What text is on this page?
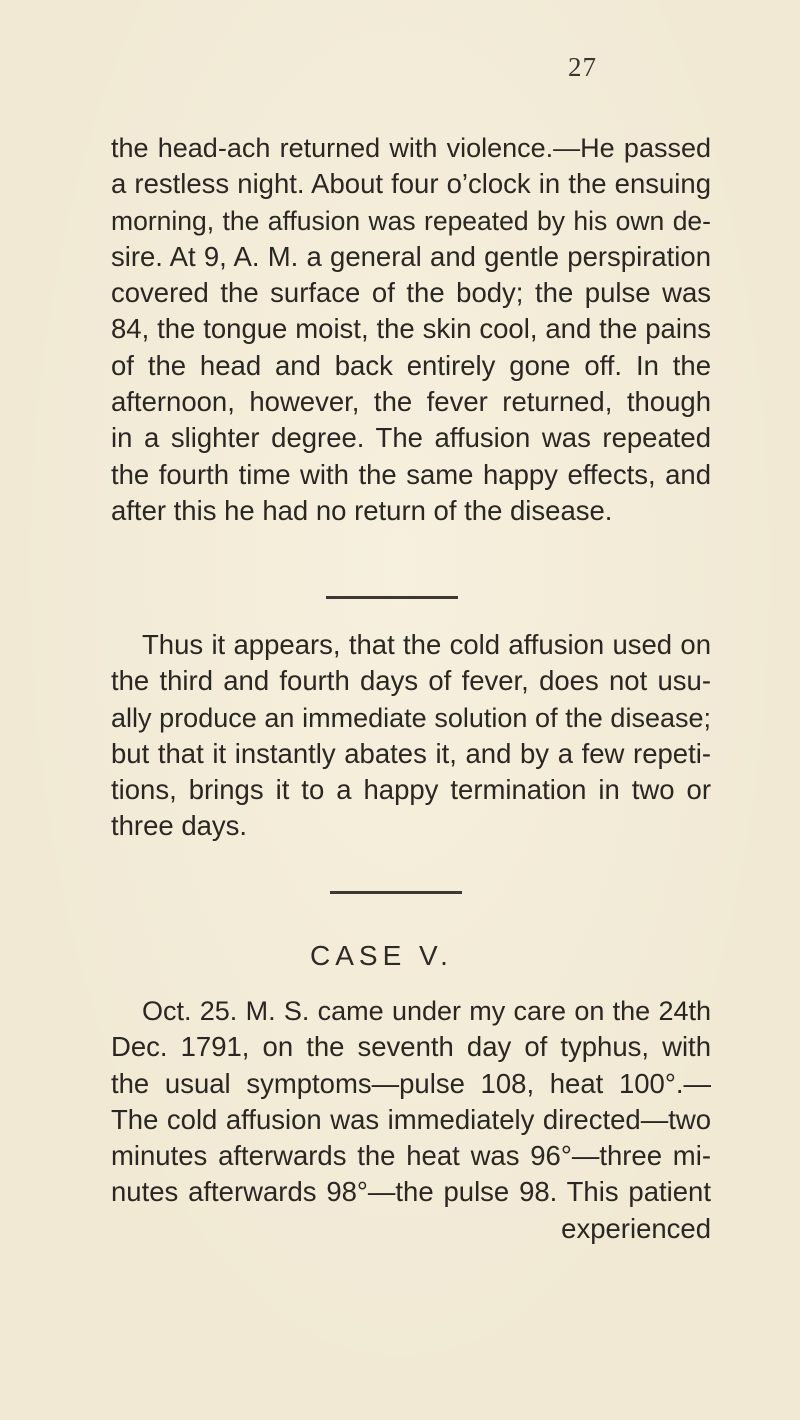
27
the head-ach returned with violence.—He passed
a restless night. About four o’clock in the ensuing
morning, the affusion was repeated by his own de-
sire. At 9, A. M. a general and gentle perspiration
covered the surface of the body; the pulse was
84, the tongue moist, the skin cool, and the pains
of the head and back entirely gone off. In the
afternoon, however, the fever returned, though
in a slighter degree. The affusion was repeated
the fourth time with the same happy effects, and
after this he had no return of the disease.
Thus it appears, that the cold affusion used on
the third and fourth days of fever, does not usu-
ally produce an immediate solution of the disease;
but that it instantly abates it, and by a few repeti-
tions, brings it to a happy termination in two or
three days.
CASE V.
Oct. 25. M. S. came under my care on the 24th
Dec. 1791, on the seventh day of typhus, with
the usual symptoms—pulse 108, heat 100°.—
The cold affusion was immediately directed—two
minutes afterwards the heat was 96°—three mi-
nutes afterwards 98°—the pulse 98. This patient
experienced
